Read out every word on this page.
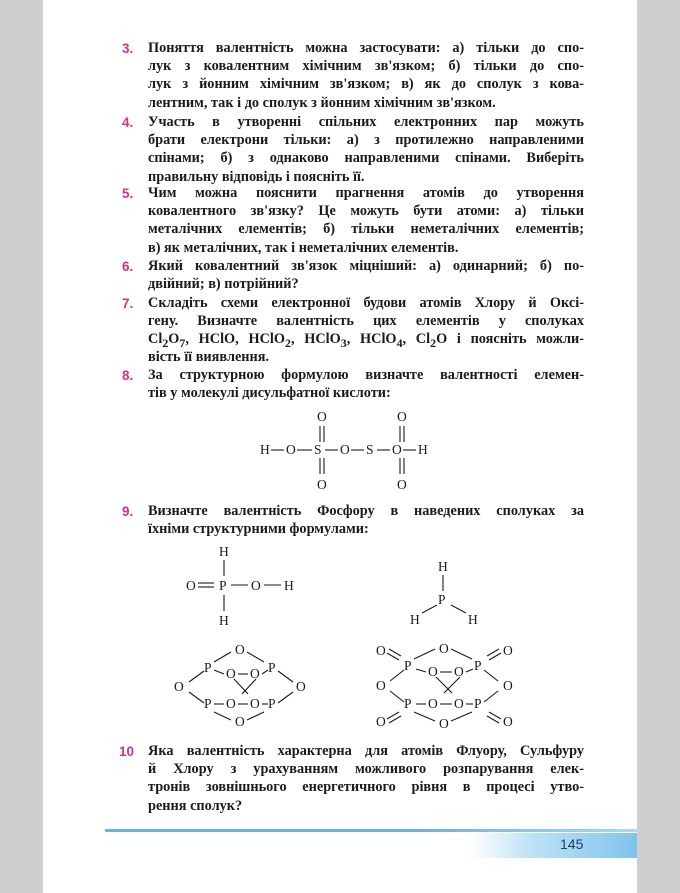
3.	Поняття валентність можна застосувати: а) тільки до спо-
лук з ковалентним хімічним зв'язком; б) тільки до спо-
лук з йонним хімічним зв'язком; в) як до сполук з кова-
лентним, так і до сполук з йонним хімічним зв'язком.
4.	Участь в утворенні спільних електронних пар можуть
брати електрони тільки: а) з протилежно направленими
спінами; б) з однаково направленими спінами. Виберіть
правильну відповідь і поясніть її.
5.	Чим можна пояснити прагнення атомів до утворення
ковалентного зв'язку? Це можуть бути атоми: а) тільки
металічних елементів; б) тільки неметалічних елементів;
в) як металічних, так і неметалічних елементів.
6.	Який ковалентний зв'язок міцніший: а) одинарний; б) по-
двійний; в) потрійний?
7.	Складіть схеми електронної будови атомів Хлору й Оксі-
гену. Визначте валентність цих елементів у сполуках
$Cl_2O_7$, HClO, HClO$_2$, HClO$_3$, HClO$_4$, $Cl_2O$ і поясніть можли-
вість її виявлення.
8.	За структурною формулою визначте валентності елемен-
тів у молекулі дисульфатної кислоти:
O	O
H O S O S O H
O	O
9.	Визначте валентність Фосфору в наведених сполуках за
їхніми структурними формулами:
H
O P O H
H
H
P
H	H
O
P O O P
O	O
P O O P
O
O	O	O
P O O P
O	O
P O O P
O	O	O
10 Яка валентність характерна для атомів Флуору, Сульфуру
й Хлору з урахуванням можливого розпарування елек-
тронів зовнішнього енергетичного рівня в процесі утво-
рення сполук?
145
